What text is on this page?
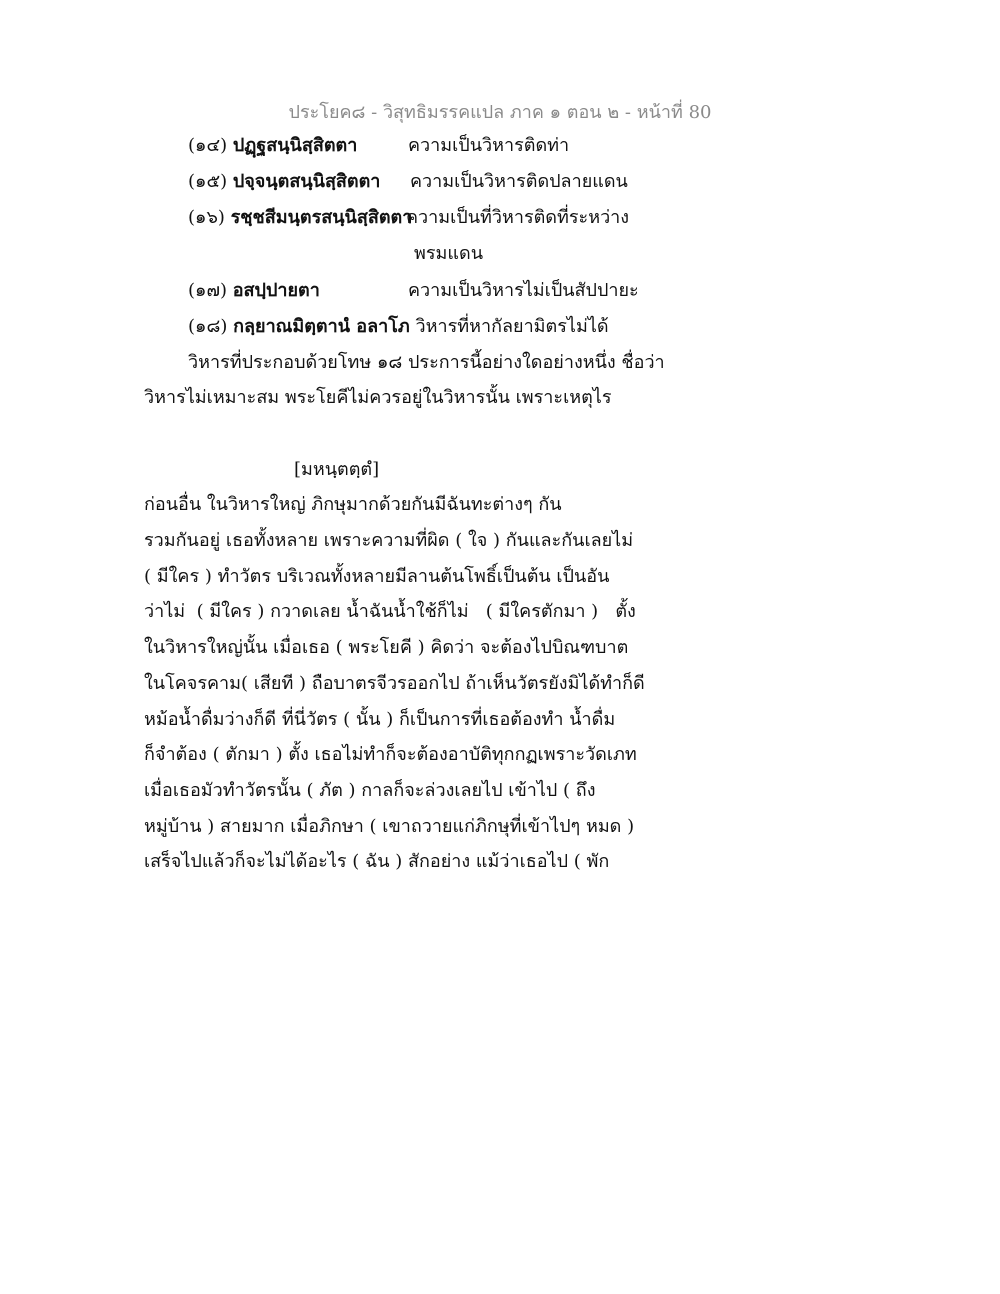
ประโยค๘ - วิสุทธิมรรคแปล ภาค ๑ ตอน ๒ - หน้าที่ 80
(๑๔) ปฏฺฐสนฺนิสฺสิตตา	ความเป็นวิหารติดท่า
(๑๕) ปจฺจนฺตสนฺนิสฺสิตตา ความเป็นวิหารติดปลายแดน
(๑๖) รชฺชสีมนฺตรสนฺนิสฺสิตตา
ความเป็นที่วิหารติดที่ระหว่าง
พรมแดน
(๑๗) อสปฺปายตา	ความเป็นวิหารไม่เป็นสัปปายะ
(๑๘) กลฺยาณมิตฺตานํ อลาโภ วิหารที่หากัลยามิตรไม่ได้
วิหารที่ประกอบด้วยโทษ ๑๘ ประการนี้อย่างใดอย่างหนึ่ง ชื่อว่า
วิหารไม่เหมาะสม พระโยคีไม่ควรอยู่ในวิหารนั้น เพราะเหตุไร
[มหนฺตตฺตํ]
ก่อนอื่น ในวิหารใหญ่ ภิกษุมากด้วยกันมีฉันทะต่างๆ กัน
รวมกันอยู่ เธอทั้งหลาย เพราะความที่ผิด ( ใจ ) กันและกันเลยไม่
( มีใคร ) ทำวัตร บริเวณทั้งหลายมีลานต้นโพธิ์เป็นต้น เป็นอัน
ว่าไม่  ( มีใคร ) กวาดเลย น้ำฉันน้ำใช้ก็ไม่   ( มีใครตักมา )   ตั้ง
ในวิหารใหญ่นั้น เมื่อเธอ ( พระโยคี ) คิดว่า จะต้องไปบิณฑบาต
ในโคจรคาม( เสียที ) ถือบาตรจีวรออกไป ถ้าเห็นวัตรยังมิได้ทำก็ดี
หม้อน้ำดื่มว่างก็ดี ที่นี่วัตร ( นั้น ) ก็เป็นการที่เธอต้องทำ น้ำดื่ม
ก็จำต้อง ( ตักมา ) ตั้ง เธอไม่ทำก็จะต้องอาบัติทุกกฏเพราะวัดเภท
เมื่อเธอมัวทำวัตรนั้น ( ภัต ) กาลก็จะล่วงเลยไป เข้าไป ( ถึง
หมู่บ้าน ) สายมาก เมื่อภิกษา ( เขาถวายแก่ภิกษุที่เข้าไปๆ หมด )
เสร็จไปแล้วก็จะไม่ได้อะไร ( ฉัน ) สักอย่าง แม้ว่าเธอไป ( พัก
